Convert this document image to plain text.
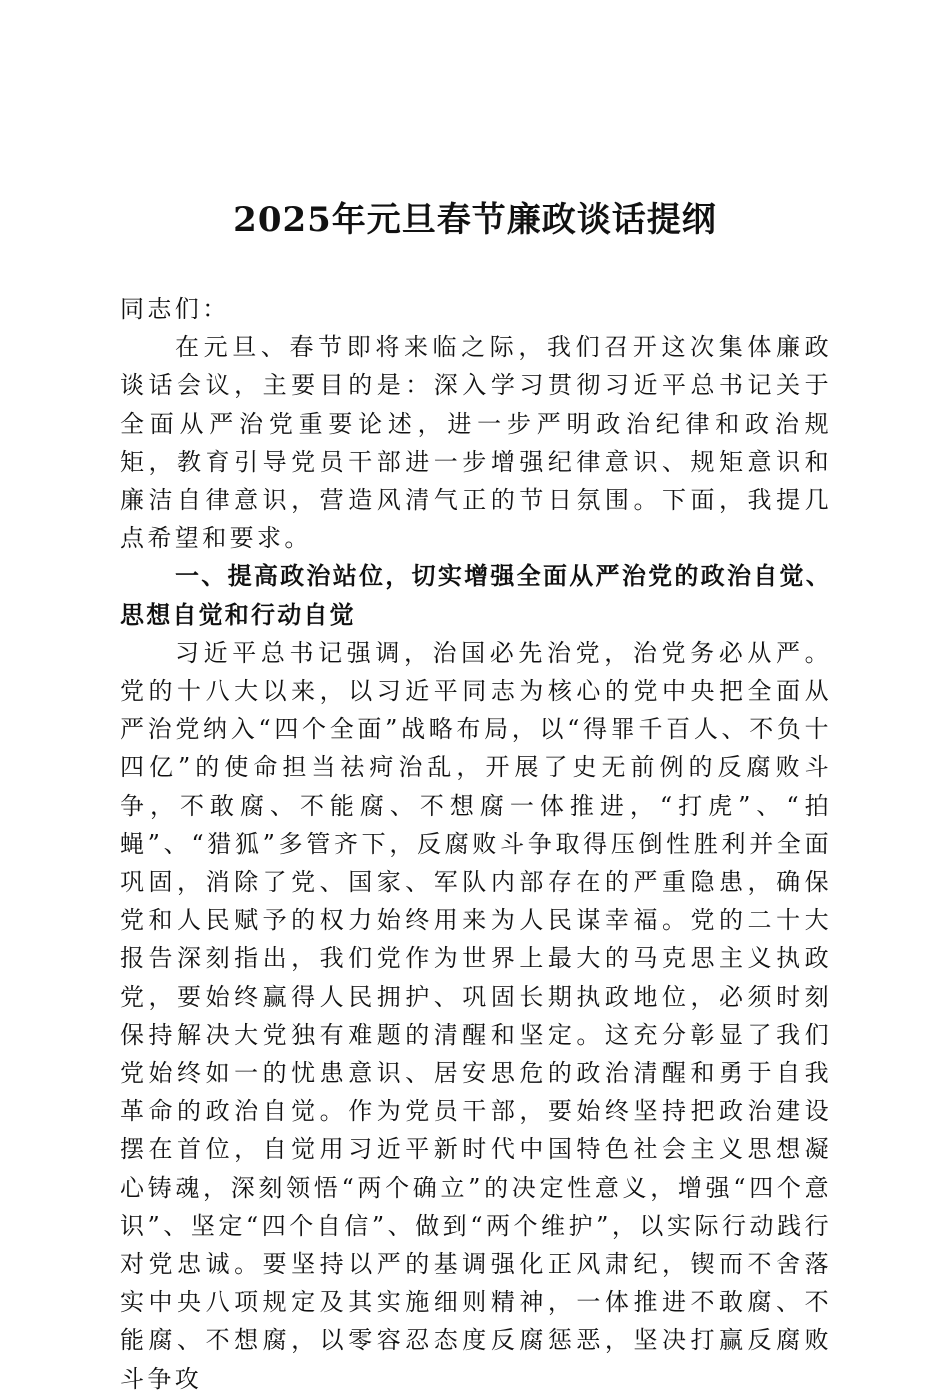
2025年元旦春节廉政谈话提纲

同志们：

在元旦、春节即将来临之际，我们召开这次集体廉政谈话会议，主要目的是：深入学习贯彻习近平总书记关于全面从严治党重要论述，进一步严明政治纪律和政治规矩，教育引导党员干部进一步增强纪律意识、规矩意识和廉洁自律意识，营造风清气正的节日氛围。下面，我提几点希望和要求。

一、提高政治站位，切实增强全面从严治党的政治自觉、思想自觉和行动自觉

习近平总书记强调，治国必先治党，治党务必从严。党的十八大以来，以习近平同志为核心的党中央把全面从严治党纳入“四个全面”战略布局，以“得罪千百人、不负十四亿”的使命担当祛疴治乱，开展了史无前例的反腐败斗争，不敢腐、不能腐、不想腐一体推进，“打虎”、“拍蝇”、“猎狐”多管齐下，反腐败斗争取得压倒性胜利并全面巩固，消除了党、国家、军队内部存在的严重隐患，确保党和人民赋予的权力始终用来为人民谋幸福。党的二十大报告深刻指出，我们党作为世界上最大的马克思主义执政党，要始终赢得人民拥护、巩固长期执政地位，必须时刻保持解决大党独有难题的清醒和坚定。这充分彰显了我们党始终如一的忧患意识、居安思危的政治清醒和勇于自我革命的政治自觉。作为党员干部，要始终坚持把政治建设摆在首位，自觉用习近平新时代中国特色社会主义思想凝心铸魂，深刻领悟“两个确立”的决定性意义，增强“四个意识”、坚定“四个自信”、做到“两个维护”，以实际行动践行对党忠诚。要坚持以严的基调强化正风肃纪，锲而不舍落实中央八项规定及其实施细则精神，一体推进不敢腐、不能腐、不想腐，以零容忍态度反腐惩恶，坚决打赢反腐败斗争攻
